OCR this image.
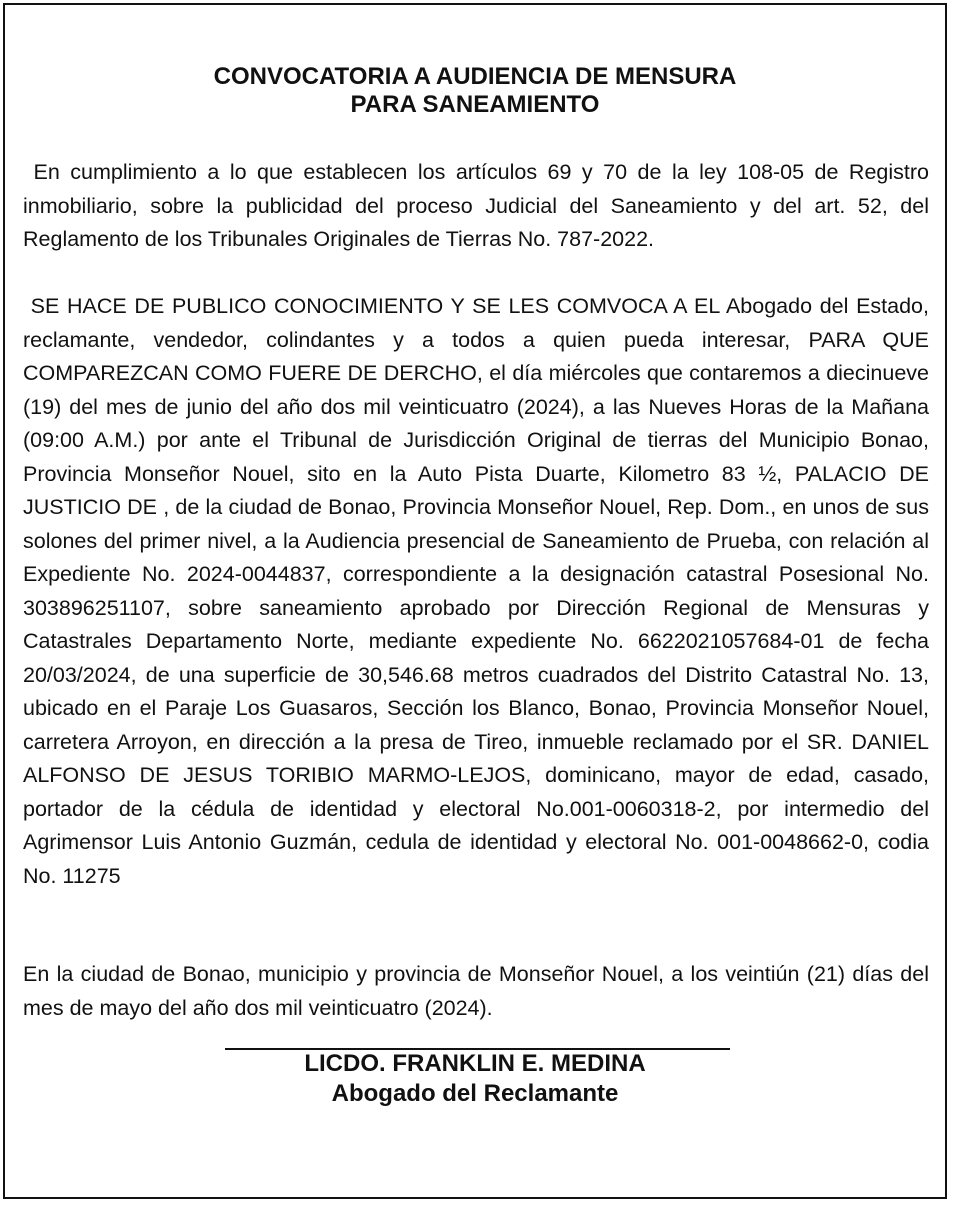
CONVOCATORIA A AUDIENCIA DE MENSURA
PARA SANEAMIENTO

En cumplimiento a lo que establecen los artículos 69 y 70 de la ley 108-05 de Registro inmobiliario, sobre la publicidad del proceso Judicial del Saneamiento y del art. 52, del Reglamento de los Tribunales Originales de Tierras No. 787-2022.

SE HACE DE PUBLICO CONOCIMIENTO Y SE LES COMVOCA A EL Abogado del Estado, reclamante, vendedor, colindantes y a todos a quien pueda interesar, PARA QUE COMPAREZCAN COMO FUERE DE DERCHO, el día miércoles que contaremos a diecinueve (19) del mes de junio del año dos mil veinticuatro (2024), a las Nueves Horas de la Mañana (09:00 A.M.) por ante el Tribunal de Jurisdicción Original de tierras del Municipio Bonao, Provincia Monseñor Nouel, sito en la Auto Pista Duarte, Kilometro 83 ½, PALACIO DE JUSTICIO DE , de la ciudad de Bonao, Provincia Monseñor Nouel, Rep. Dom., en unos de sus solones del primer nivel, a la Audiencia presencial de Saneamiento de Prueba, con relación al Expediente No. 2024-0044837, correspondiente a la designación catastral Posesional No. 303896251107, sobre saneamiento aprobado por Dirección Regional de Mensuras y Catastrales Departamento Norte, mediante expediente No. 6622021057684-01 de fecha 20/03/2024, de una superficie de 30,546.68 metros cuadrados del Distrito Catastral No. 13, ubicado en el Paraje Los Guasaros, Sección los Blanco, Bonao, Provincia Monseñor Nouel, carretera Arroyon, en dirección a la presa de Tireo, inmueble reclamado por el SR. DANIEL ALFONSO DE JESUS TORIBIO MARMO-LEJOS, dominicano, mayor de edad, casado, portador de la cédula de identidad y electoral No.001-0060318-2, por intermedio del Agrimensor Luis Antonio Guzmán, cedula de identidad y electoral No. 001-0048662-0, codia No. 11275

En la ciudad de Bonao, municipio y provincia de Monseñor Nouel, a los veintiún (21) días del mes de mayo del año dos mil veinticuatro (2024).

LICDO. FRANKLIN E. MEDINA
Abogado del Reclamante
